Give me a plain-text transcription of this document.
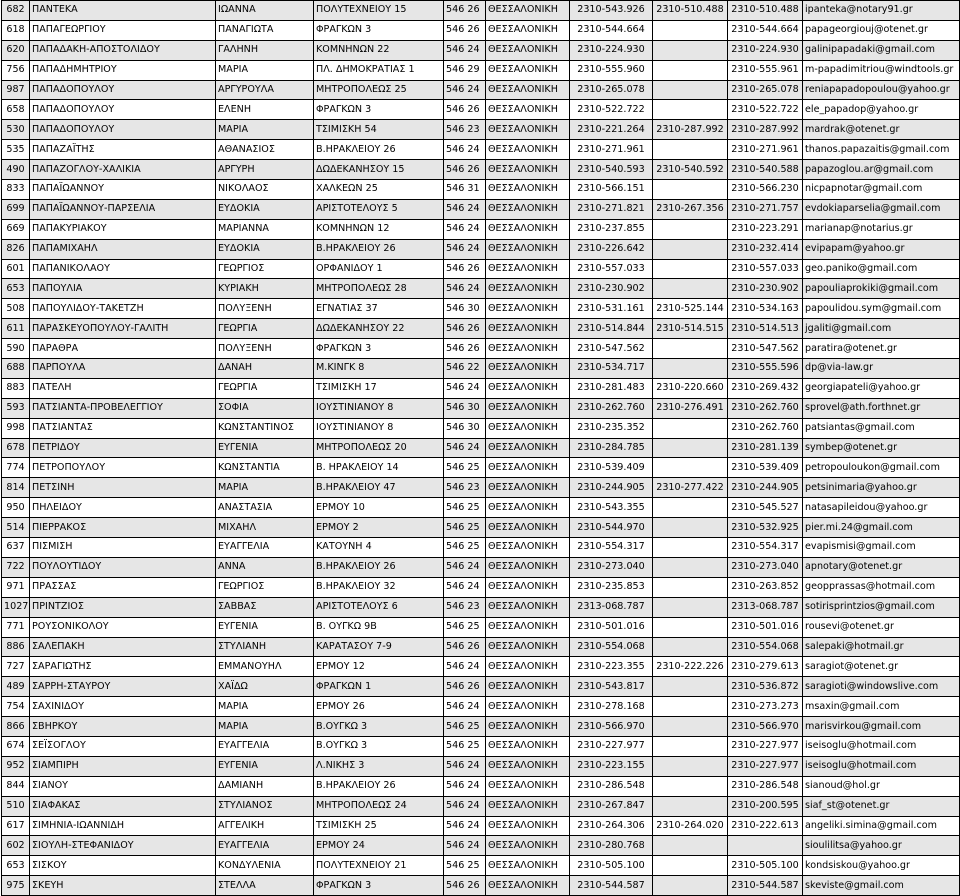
682	ΠΑΝΤΕΚΑ	ΙΩΑΝΝΑ	ΠΟΛΥΤΕΧΝΕΙΟΥ 15	546 26	ΘΕΣΣΑΛΟΝΙΚΗ	2310-543.926	2310-510.488	2310-510.488	ipanteka@notary91.gr
618	ΠΑΠΑΓΕΩΡΓΙΟΥ	ΠΑΝΑΓΙΩΤΑ	ΦΡΑΓΚΩΝ 3	546 26	ΘΕΣΣΑΛΟΝΙΚΗ	2310-544.664		2310-544.664	papageorgiouj@otenet.gr
620	ΠΑΠΑΔΑΚΗ-ΑΠΟΣΤΟΛΙΔΟΥ	ΓΑΛΗΝΗ	ΚΟΜΝΗΝΩΝ 22	546 24	ΘΕΣΣΑΛΟΝΙΚΗ	2310-224.930		2310-224.930	galinipapadaki@gmail.com
756	ΠΑΠΑΔΗΜΗΤΡΙΟΥ	ΜΑΡΙΑ	ΠΛ. ΔΗΜΟΚΡΑΤΙΑΣ 1	546 29	ΘΕΣΣΑΛΟΝΙΚΗ	2310-555.960		2310-555.961	m-papadimitriou@windtools.gr
987	ΠΑΠΑΔΟΠΟΥΛΟΥ	ΑΡΓΥΡΟΥΛΑ	ΜΗΤΡΟΠΟΛΕΩΣ 25	546 24	ΘΕΣΣΑΛΟΝΙΚΗ	2310-265.078		2310-265.078	reniapapadopoulou@yahoo.gr
658	ΠΑΠΑΔΟΠΟΥΛΟΥ	ΕΛΕΝΗ	ΦΡΑΓΚΩΝ 3	546 26	ΘΕΣΣΑΛΟΝΙΚΗ	2310-522.722		2310-522.722	ele_papadop@yahoo.gr
530	ΠΑΠΑΔΟΠΟΥΛΟΥ	ΜΑΡΙΑ	ΤΣΙΜΙΣΚΗ 54	546 23	ΘΕΣΣΑΛΟΝΙΚΗ	2310-221.264	2310-287.992	2310-287.992	mardrak@otenet.gr
535	ΠΑΠΑΖΑΪΤΗΣ	ΑΘΑΝΑΣΙΟΣ	Β.ΗΡΑΚΛΕΙΟΥ 26	546 24	ΘΕΣΣΑΛΟΝΙΚΗ	2310-271.961		2310-271.961	thanos.papazaitis@gmail.com
490	ΠΑΠΑΖΟΓΛΟΥ-ΧΑΛΙΚΙΑ	ΑΡΓΥΡΗ	ΔΩΔΕΚΑΝΗΣΟΥ 15	546 26	ΘΕΣΣΑΛΟΝΙΚΗ	2310-540.593	2310-540.592	2310-540.588	papazoglou.ar@gmail.com
833	ΠΑΠΑΪΩΑΝΝΟΥ	ΝΙΚΟΛΑΟΣ	ΧΑΛΚΕΩΝ 25	546 31	ΘΕΣΣΑΛΟΝΙΚΗ	2310-566.151		2310-566.230	nicpapnotar@gmail.com
699	ΠΑΠΑΪΩΑΝΝΟΥ-ΠΑΡΣΕΛΙΑ	ΕΥΔΟΚΙΑ	ΑΡΙΣΤΟΤΕΛΟΥΣ 5	546 24	ΘΕΣΣΑΛΟΝΙΚΗ	2310-271.821	2310-267.356	2310-271.757	evdokiaparselia@gmail.com
669	ΠΑΠΑΚΥΡΙΑΚΟΥ	ΜΑΡΙΑΝΝΑ	ΚΟΜΝΗΝΩΝ 12	546 24	ΘΕΣΣΑΛΟΝΙΚΗ	2310-237.855		2310-223.291	marianap@notarius.gr
826	ΠΑΠΑΜΙΧΑΗΛ	ΕΥΔΟΚΙΑ	Β.ΗΡΑΚΛΕΙΟΥ 26	546 24	ΘΕΣΣΑΛΟΝΙΚΗ	2310-226.642		2310-232.414	evipapam@yahoo.gr
601	ΠΑΠΑΝΙΚΟΛΑΟΥ	ΓΕΩΡΓΙΟΣ	ΟΡΦΑΝΙΔΟΥ 1	546 26	ΘΕΣΣΑΛΟΝΙΚΗ	2310-557.033		2310-557.033	geo.paniko@gmail.com
653	ΠΑΠΟΥΛΙΑ	ΚΥΡΙΑΚΗ	ΜΗΤΡΟΠΟΛΕΩΣ 28	546 24	ΘΕΣΣΑΛΟΝΙΚΗ	2310-230.902		2310-230.902	papouliaprokiki@gmail.com
508	ΠΑΠΟΥΛΙΔΟΥ-ΤΑΚΕΤΖΗ	ΠΟΛΥΞΕΝΗ	ΕΓΝΑΤΙΑΣ 37	546 30	ΘΕΣΣΑΛΟΝΙΚΗ	2310-531.161	2310-525.144	2310-534.163	papoulidou.sym@gmail.com
611	ΠΑΡΑΣΚΕΥΟΠΟΥΛΟΥ-ΓΑΛΙΤΗ	ΓΕΩΡΓΙΑ	ΔΩΔΕΚΑΝΗΣΟΥ 22	546 26	ΘΕΣΣΑΛΟΝΙΚΗ	2310-514.844	2310-514.515	2310-514.513	jgaliti@gmail.com
590	ΠΑΡΑΘΡΑ	ΠΟΛΥΞΕΝΗ	ΦΡΑΓΚΩΝ 3	546 26	ΘΕΣΣΑΛΟΝΙΚΗ	2310-547.562		2310-547.562	paratira@otenet.gr
688	ΠΑΡΠΟΥΛΑ	ΔΑΝΑΗ	Μ.ΚΙΝΓΚ 8	546 22	ΘΕΣΣΑΛΟΝΙΚΗ	2310-534.717		2310-555.596	dp@via-law.gr
883	ΠΑΤΕΛΗ	ΓΕΩΡΓΙΑ	ΤΣΙΜΙΣΚΗ 17	546 24	ΘΕΣΣΑΛΟΝΙΚΗ	2310-281.483	2310-220.660	2310-269.432	georgiapateli@yahoo.gr
593	ΠΑΤΣΙΑΝΤΑ-ΠΡΟΒΕΛΕΓΓΙΟΥ	ΣΟΦΙΑ	ΙΟΥΣΤΙΝΙΑΝΟΥ 8	546 30	ΘΕΣΣΑΛΟΝΙΚΗ	2310-262.760	2310-276.491	2310-262.760	sprovel@ath.forthnet.gr
998	ΠΑΤΣΙΑΝΤΑΣ	ΚΩΝΣΤΑΝΤΙΝΟΣ	ΙΟΥΣΤΙΝΙΑΝΟΥ 8	546 30	ΘΕΣΣΑΛΟΝΙΚΗ	2310-235.352		2310-262.760	patsiantas@gmail.com
678	ΠΕΤΡΙΔΟΥ	ΕΥΓΕΝΙΑ	ΜΗΤΡΟΠΟΛΕΩΣ 20	546 24	ΘΕΣΣΑΛΟΝΙΚΗ	2310-284.785		2310-281.139	symbep@otenet.gr
774	ΠΕΤΡΟΠΟΥΛΟΥ	ΚΩΝΣΤΑΝΤΙΑ	Β. ΗΡΑΚΛΕΙΟΥ 14	546 25	ΘΕΣΣΑΛΟΝΙΚΗ	2310-539.409		2310-539.409	petropouloukon@gmail.com
814	ΠΕΤΣΙΝΗ	ΜΑΡΙΑ	Β.ΗΡΑΚΛΕΙΟΥ 47	546 23	ΘΕΣΣΑΛΟΝΙΚΗ	2310-244.905	2310-277.422	2310-244.905	petsinimaria@yahoo.gr
950	ΠΗΛΕΙΔΟΥ	ΑΝΑΣΤΑΣΙΑ	ΕΡΜΟΥ 10	546 25	ΘΕΣΣΑΛΟΝΙΚΗ	2310-543.355		2310-545.527	natasapileidou@yahoo.gr
514	ΠΙΕΡΡΑΚΟΣ	ΜΙΧΑΗΛ	ΕΡΜΟΥ 2	546 25	ΘΕΣΣΑΛΟΝΙΚΗ	2310-544.970		2310-532.925	pier.mi.24@gmail.com
637	ΠΙΣΜΙΣΗ	ΕΥΑΓΓΕΛΙΑ	ΚΑΤΟΥΝΗ 4	546 25	ΘΕΣΣΑΛΟΝΙΚΗ	2310-554.317		2310-554.317	evapismisi@gmail.com
722	ΠΟΥΛΟΥΤΙΔΟΥ	ΑΝΝΑ	Β.ΗΡΑΚΛΕΙΟΥ 26	546 24	ΘΕΣΣΑΛΟΝΙΚΗ	2310-273.040		2310-273.040	apnotary@otenet.gr
971	ΠΡΑΣΣΑΣ	ΓΕΩΡΓΙΟΣ	Β.ΗΡΑΚΛΕΙΟΥ 32	546 24	ΘΕΣΣΑΛΟΝΙΚΗ	2310-235.853		2310-263.852	geopprassas@hotmail.com
1027	ΠΡΙΝΤΖΙΟΣ	ΣΑΒΒΑΣ	ΑΡΙΣΤΟΤΕΛΟΥΣ 6	546 23	ΘΕΣΣΑΛΟΝΙΚΗ	2313-068.787		2313-068.787	sotirisprintzios@gmail.com
771	ΡΟΥΣΟΝΙΚΟΛΟΥ	ΕΥΓΕΝΙΑ	Β. ΟΥΓΚΩ 9Β	546 25	ΘΕΣΣΑΛΟΝΙΚΗ	2310-501.016		2310-501.016	rousevi@otenet.gr
886	ΣΑΛΕΠΑΚΗ	ΣΤΥΛΙΑΝΗ	ΚΑΡΑΤΑΣΟΥ 7-9	546 26	ΘΕΣΣΑΛΟΝΙΚΗ	2310-554.068		2310-554.068	salepaki@hotmail.gr
727	ΣΑΡΑΓΙΩΤΗΣ	ΕΜΜΑΝΟΥΗΛ	ΕΡΜΟΥ 12	546 24	ΘΕΣΣΑΛΟΝΙΚΗ	2310-223.355	2310-222.226	2310-279.613	saragiot@otenet.gr
489	ΣΑΡΡΗ-ΣΤΑΥΡΟΥ	ΧΑΪΔΩ	ΦΡΑΓΚΩΝ 1	546 26	ΘΕΣΣΑΛΟΝΙΚΗ	2310-543.817		2310-536.872	saragioti@windowslive.com
754	ΣΑΧΙΝΙΔΟΥ	ΜΑΡΙΑ	ΕΡΜΟΥ 26	546 24	ΘΕΣΣΑΛΟΝΙΚΗ	2310-278.168		2310-273.273	msaxin@gmail.com
866	ΣΒΗΡΚΟΥ	ΜΑΡΙΑ	Β.ΟΥΓΚΩ 3	546 25	ΘΕΣΣΑΛΟΝΙΚΗ	2310-566.970		2310-566.970	marisvirkou@gmail.com
674	ΣΕΪΣΟΓΛΟΥ	ΕΥΑΓΓΕΛΙΑ	Β.ΟΥΓΚΩ 3	546 25	ΘΕΣΣΑΛΟΝΙΚΗ	2310-227.977		2310-227.977	iseisoglu@hotmail.com
952	ΣΙΑΜΠΙΡΗ	ΕΥΓΕΝΙΑ	Λ.ΝΙΚΗΣ 3	546 24	ΘΕΣΣΑΛΟΝΙΚΗ	2310-223.155		2310-227.977	iseisoglu@hotmail.com
844	ΣΙΑΝΟΥ	ΔΑΜΙΑΝΗ	Β.ΗΡΑΚΛΕΙΟΥ 26	546 24	ΘΕΣΣΑΛΟΝΙΚΗ	2310-286.548		2310-286.548	sianoud@hol.gr
510	ΣΙΑΦΑΚΑΣ	ΣΤΥΛΙΑΝΟΣ	ΜΗΤΡΟΠΟΛΕΩΣ 24	546 24	ΘΕΣΣΑΛΟΝΙΚΗ	2310-267.847		2310-200.595	siaf_st@otenet.gr
617	ΣΙΜΗΝΙΑ-ΙΩΑΝΝΙΔΗ	ΑΓΓΕΛΙΚΗ	ΤΣΙΜΙΣΚΗ 25	546 24	ΘΕΣΣΑΛΟΝΙΚΗ	2310-264.306	2310-264.020	2310-222.613	angeliki.simina@gmail.com
602	ΣΙΟΥΛΗ-ΣΤΕΦΑΝΙΔΟΥ	ΕΥΑΓΓΕΛΙΑ	ΕΡΜΟΥ 24	546 24	ΘΕΣΣΑΛΟΝΙΚΗ	2310-280.768			sioulilitsa@yahoo.gr
653	ΣΙΣΚΟΥ	ΚΟΝΔΥΛΕΝΙΑ	ΠΟΛΥΤΕΧΝΕΙΟΥ 21	546 25	ΘΕΣΣΑΛΟΝΙΚΗ	2310-505.100		2310-505.100	kondsiskou@yahoo.gr
975	ΣΚΕΥΗ	ΣΤΕΛΛΑ	ΦΡΑΓΚΩΝ 3	546 26	ΘΕΣΣΑΛΟΝΙΚΗ	2310-544.587		2310-544.587	skeviste@gmail.com
